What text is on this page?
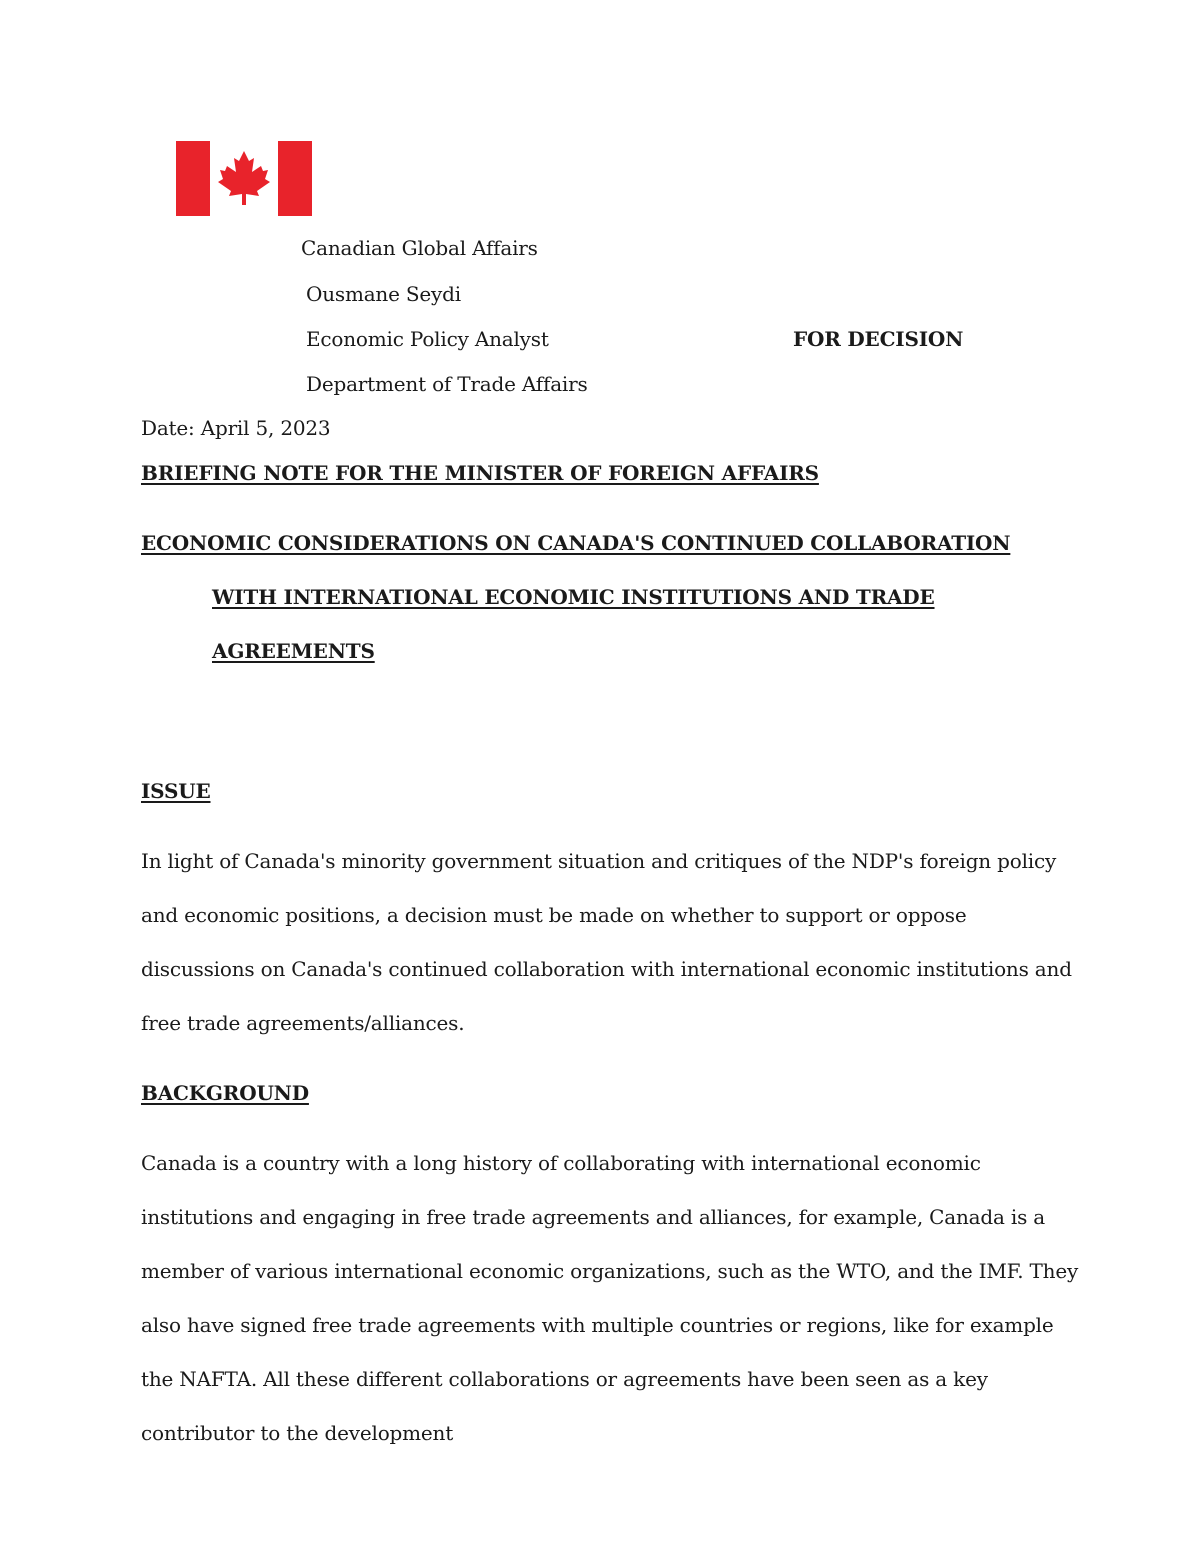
Canadian Global Affairs
Ousmane Seydi
Economic Policy Analyst	FOR DECISION
Department of Trade Affairs
Date: April 5, 2023
BRIEFING NOTE FOR THE MINISTER OF FOREIGN AFFAIRS
ECONOMIC CONSIDERATIONS ON CANADA'S CONTINUED COLLABORATION
WITH INTERNATIONAL ECONOMIC INSTITUTIONS AND TRADE
AGREEMENTS
ISSUE

In light of Canada's minority government situation and critiques of the NDP's foreign policy and economic positions, a decision must be made on whether to support or oppose discussions on Canada's continued collaboration with international economic institutions and free trade agreements/alliances.

BACKGROUND

Canada is a country with a long history of collaborating with international economic institutions and engaging in free trade agreements and alliances, for example, Canada is a member of various international economic organizations, such as the WTO, and the IMF. They also have signed free trade agreements with multiple countries or regions, like for example the NAFTA. All these different collaborations or agreements have been seen as a key contributor to the development
